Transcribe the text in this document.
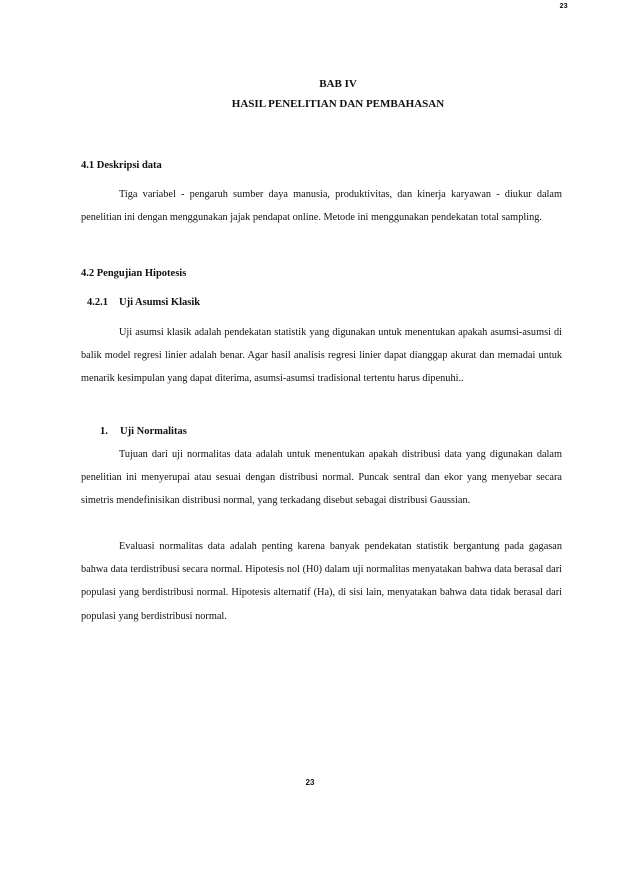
23
BAB IV
HASIL PENELITIAN DAN PEMBAHASAN
4.1 Deskripsi data
Tiga variabel - pengaruh sumber daya manusia, produktivitas, dan kinerja karyawan - diukur dalam penelitian ini dengan menggunakan jajak pendapat online. Metode ini menggunakan pendekatan total sampling.
4.2 Pengujian Hipotesis
4.2.1 Uji Asumsi Klasik
Uji asumsi klasik adalah pendekatan statistik yang digunakan untuk menentukan apakah asumsi-asumsi di balik model regresi linier adalah benar. Agar hasil analisis regresi linier dapat dianggap akurat dan memadai untuk menarik kesimpulan yang dapat diterima, asumsi-asumsi tradisional tertentu harus dipenuhi..
1. Uji Normalitas
Tujuan dari uji normalitas data adalah untuk menentukan apakah distribusi data yang digunakan dalam penelitian ini menyerupai atau sesuai dengan distribusi normal. Puncak sentral dan ekor yang menyebar secara simetris mendefinisikan distribusi normal, yang terkadang disebut sebagai distribusi Gaussian.
Evaluasi normalitas data adalah penting karena banyak pendekatan statistik bergantung pada gagasan bahwa data terdistribusi secara normal. Hipotesis nol (H0) dalam uji normalitas menyatakan bahwa data berasal dari populasi yang berdistribusi normal. Hipotesis alternatif (Ha), di sisi lain, menyatakan bahwa data tidak berasal dari populasi yang berdistribusi normal.
23
